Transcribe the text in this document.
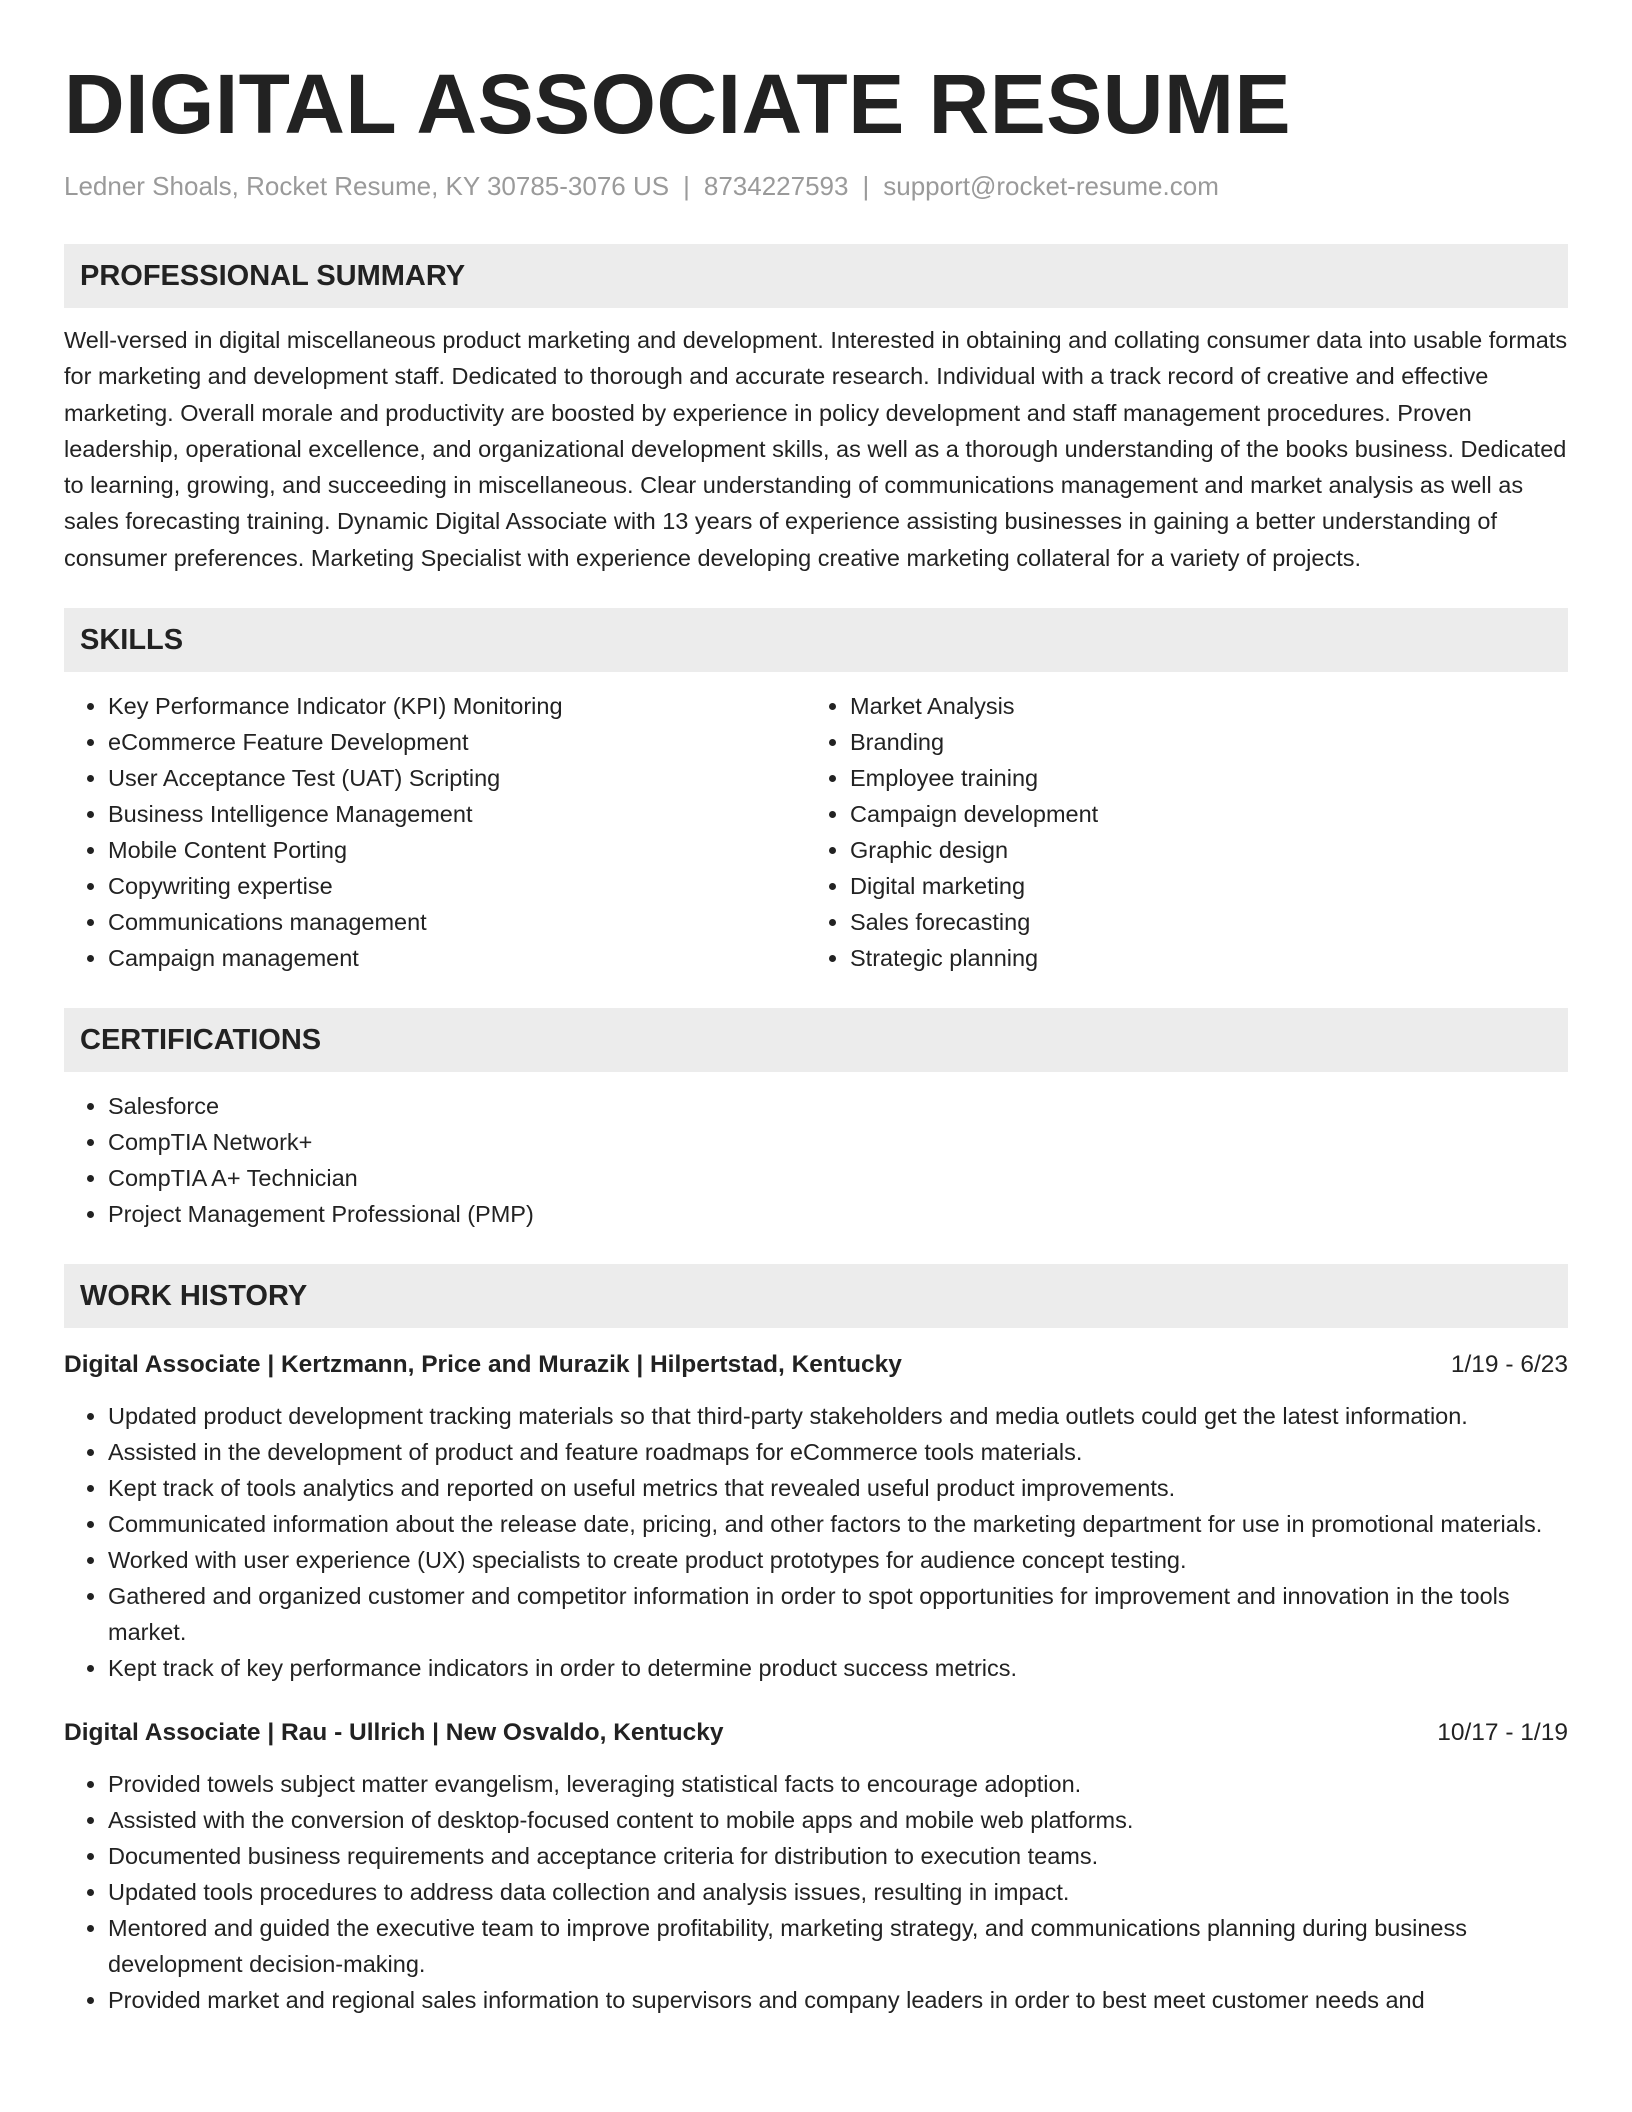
DIGITAL ASSOCIATE RESUME
Ledner Shoals, Rocket Resume, KY 30785-3076 US | 8734227593 | support@rocket-resume.com
PROFESSIONAL SUMMARY

Well-versed in digital miscellaneous product marketing and development. Interested in obtaining and collating consumer data into usable formats for marketing and development staff. Dedicated to thorough and accurate research. Individual with a track record of creative and effective marketing. Overall morale and productivity are boosted by experience in policy development and staff management procedures. Proven leadership, operational excellence, and organizational development skills, as well as a thorough understanding of the books business. Dedicated to learning, growing, and succeeding in miscellaneous. Clear understanding of communications management and market analysis as well as sales forecasting training. Dynamic Digital Associate with 13 years of experience assisting businesses in gaining a better understanding of consumer preferences. Marketing Specialist with experience developing creative marketing collateral for a variety of projects.

SKILLS
• Key Performance Indicator (KPI) Monitoring
• eCommerce Feature Development
• User Acceptance Test (UAT) Scripting
• Business Intelligence Management
• Mobile Content Porting
• Copywriting expertise
• Communications management
• Campaign management
• Market Analysis
• Branding
• Employee training
• Campaign development
• Graphic design
• Digital marketing
• Sales forecasting
• Strategic planning
CERTIFICATIONS
• Salesforce
• CompTIA Network+
• CompTIA A+ Technician
• Project Management Professional (PMP)
WORK HISTORY
Digital Associate | Kertzmann, Price and Murazik | Hilpertstad, Kentucky	1/19 - 6/23
• Updated product development tracking materials so that third-party stakeholders and media outlets could get the latest information.
• Assisted in the development of product and feature roadmaps for eCommerce tools materials.
• Kept track of tools analytics and reported on useful metrics that revealed useful product improvements.
• Communicated information about the release date, pricing, and other factors to the marketing department for use in promotional materials.
• Worked with user experience (UX) specialists to create product prototypes for audience concept testing.
• Gathered and organized customer and competitor information in order to spot opportunities for improvement and innovation in the tools market.
• Kept track of key performance indicators in order to determine product success metrics.
Digital Associate | Rau - Ullrich | New Osvaldo, Kentucky	10/17 - 1/19
• Provided towels subject matter evangelism, leveraging statistical facts to encourage adoption.
• Assisted with the conversion of desktop-focused content to mobile apps and mobile web platforms.
• Documented business requirements and acceptance criteria for distribution to execution teams.
• Updated tools procedures to address data collection and analysis issues, resulting in impact.
• Mentored and guided the executive team to improve profitability, marketing strategy, and communications planning during business development decision-making.
• Provided market and regional sales information to supervisors and company leaders in order to best meet customer needs and
